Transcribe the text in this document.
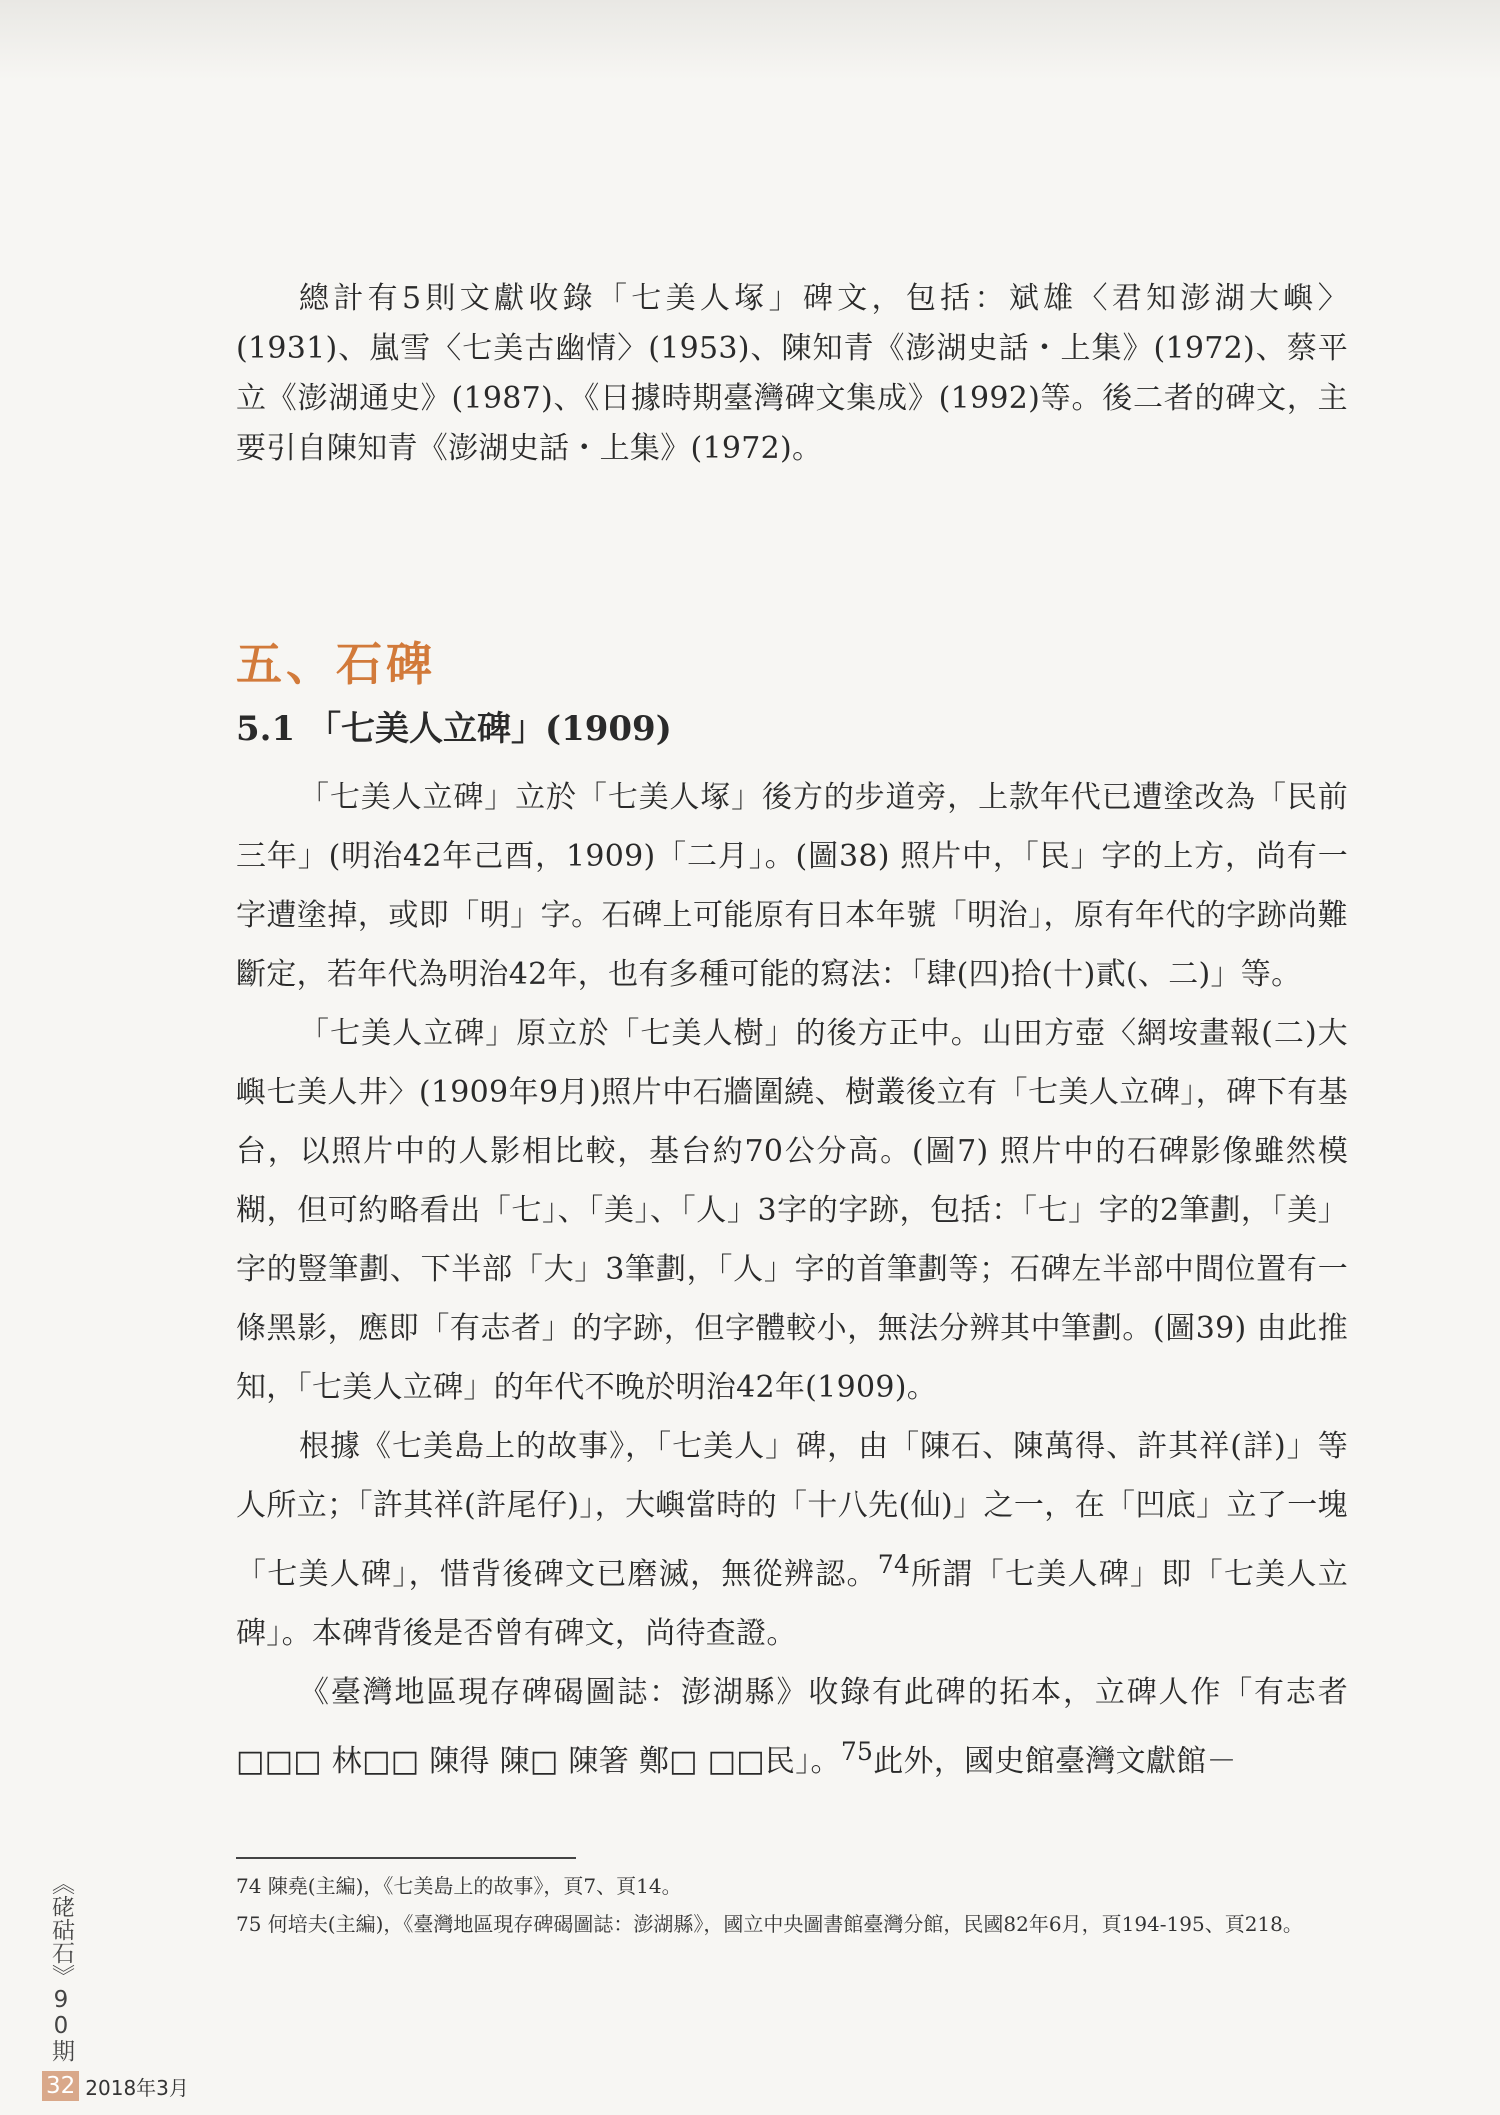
總計有5則文獻收錄「七美人塚」碑文，包括：斌雄〈君知澎湖大嶼〉(1931)、嵐雪〈七美古幽情〉(1953)、陳知青《澎湖史話・上集》(1972)、蔡平立《澎湖通史》(1987)、《日據時期臺灣碑文集成》(1992)等。後二者的碑文，主要引自陳知青《澎湖史話・上集》(1972)。

五、石碑
5.1 「七美人立碑」(1909)

「七美人立碑」立於「七美人塚」後方的步道旁，上款年代已遭塗改為「民前三年」(明治42年己酉，1909)「二月」。(圖38) 照片中，「民」字的上方，尚有一字遭塗掉，或即「明」字。石碑上可能原有日本年號「明治」，原有年代的字跡尚難斷定，若年代為明治42年，也有多種可能的寫法：「肆(四)拾(十)貳(、二)」等。

「七美人立碑」原立於「七美人樹」的後方正中。山田方壺〈網垵畫報(二)大嶼七美人井〉(1909年9月)照片中石牆圍繞、樹叢後立有「七美人立碑」，碑下有基台，以照片中的人影相比較，基台約70公分高。(圖7) 照片中的石碑影像雖然模糊，但可約略看出「七」、「美」、「人」3字的字跡，包括：「七」字的2筆劃，「美」字的豎筆劃、下半部「大」3筆劃，「人」字的首筆劃等；石碑左半部中間位置有一條黑影，應即「有志者」的字跡，但字體較小，無法分辨其中筆劃。(圖39) 由此推知，「七美人立碑」的年代不晚於明治42年(1909)。

根據《七美島上的故事》，「七美人」碑，由「陳石、陳萬得、許其祥(詳)」等人所立；「許其祥(許尾仔)」，大嶼當時的「十八先(仙)」之一，在「凹底」立了一塊「七美人碑」，惜背後碑文已磨滅，無從辨認。$^{74}$所謂「七美人碑」即「七美人立碑」。本碑背後是否曾有碑文，尚待查證。

《臺灣地區現存碑碣圖誌：澎湖縣》收錄有此碑的拓本，立碑人作「有志者 □□□ 林□□ 陳得 陳□ 陳箸 鄭□ □□民」。$^{75}$此外，國史館臺灣文獻館－

74 陳堯(主編)，《七美島上的故事》，頁7、頁14。

75 何培夫(主編)，《臺灣地區現存碑碣圖誌：澎湖縣》，國立中央圖書館臺灣分館，民國82年6月，頁194-195、頁218。

《硓𥑮石》90期
32 2018年3月
